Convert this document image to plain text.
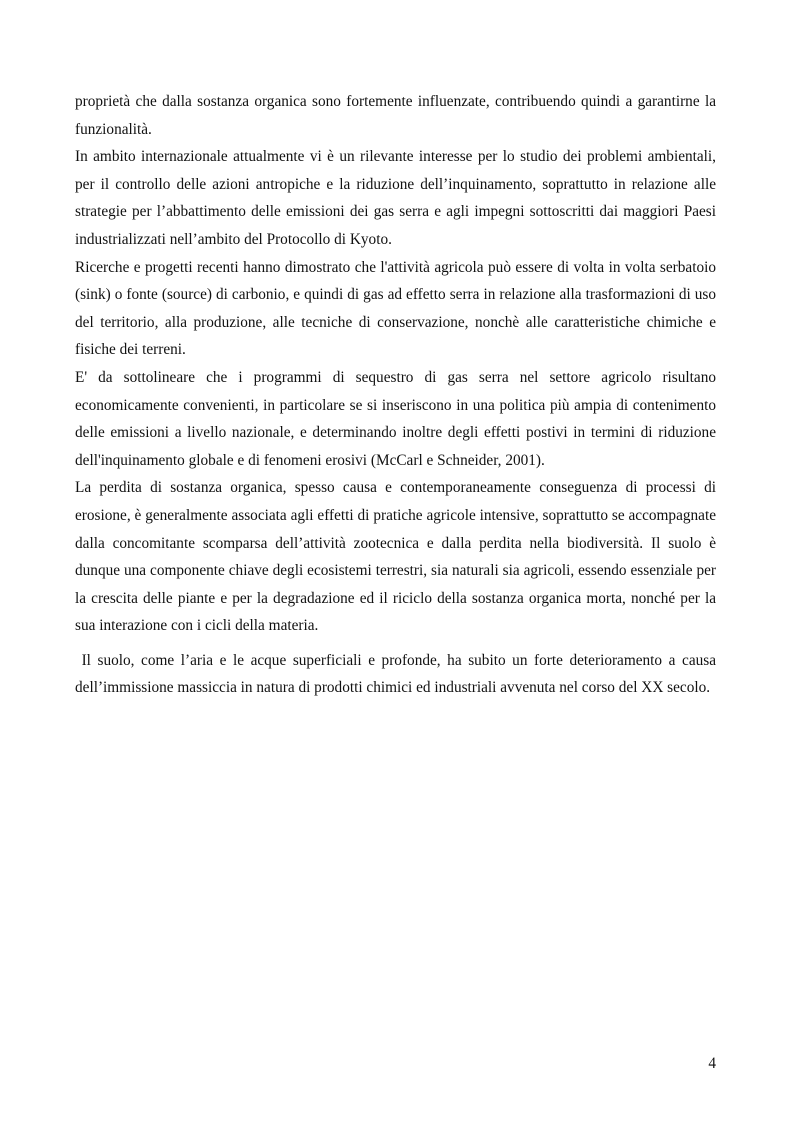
proprietà che dalla sostanza organica sono fortemente influenzate, contribuendo quindi a garantirne la funzionalità.

In ambito internazionale attualmente vi è un rilevante interesse per lo studio dei problemi ambientali, per il controllo delle azioni antropiche e la riduzione dell’inquinamento, soprattutto in relazione alle strategie per l’abbattimento delle emissioni dei gas serra e agli impegni sottoscritti dai maggiori Paesi industrializzati nell’ambito del Protocollo di Kyoto.

Ricerche e progetti recenti hanno dimostrato che l'attività agricola può essere di volta in volta serbatoio (sink) o fonte (source) di carbonio, e quindi di gas ad effetto serra in relazione alla trasformazioni di uso del territorio, alla produzione, alle tecniche di conservazione, nonchè alle caratteristiche chimiche e fisiche dei terreni.

E' da sottolineare che i programmi di sequestro di gas serra nel settore agricolo risultano economicamente convenienti, in particolare se si inseriscono in una politica più ampia di contenimento delle emissioni a livello nazionale, e determinando inoltre degli effetti postivi in termini di riduzione dell'inquinamento globale e di fenomeni erosivi (McCarl e Schneider, 2001).

La perdita di sostanza organica, spesso causa e contemporaneamente conseguenza di processi di erosione, è generalmente associata agli effetti di pratiche agricole intensive, soprattutto se accompagnate dalla concomitante scomparsa dell’attività zootecnica e dalla perdita nella biodiversità. Il suolo è dunque una componente chiave degli ecosistemi terrestri, sia naturali sia agricoli, essendo essenziale per la crescita delle piante e per la degradazione ed il riciclo della sostanza organica morta, nonché per la sua interazione con i cicli della materia.

Il suolo, come l’aria e le acque superficiali e profonde, ha subito un forte deterioramento a causa dell’immissione massiccia in natura di prodotti chimici ed industriali avvenuta nel corso del XX secolo.

4
